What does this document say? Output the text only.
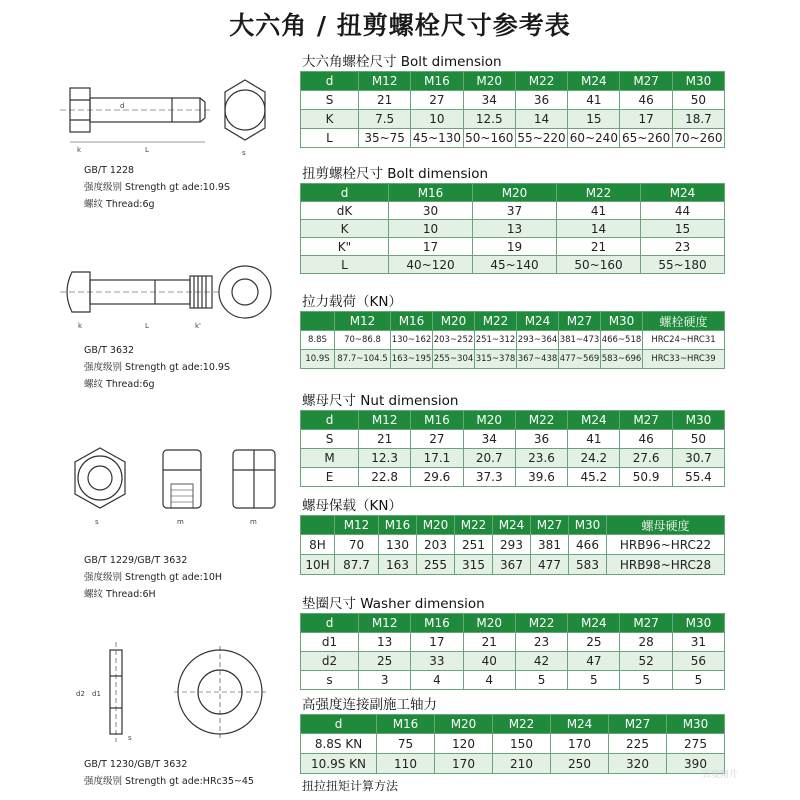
大六角 / 扭剪螺栓尺寸参考表
d
k	L	s
GB/T 1228
强度级别 Strength gt ade:10.9S
螺纹 Thread:6g
k	L	k'
GB/T 3632
强度级别 Strength gt ade:10.9S
螺纹 Thread:6g
s	m	m
GB/T 1229/GB/T 3632
强度级别 Strength gt ade:10H
螺纹 Thread:6H
d2 d1
s
GB/T 1230/GB/T 3632
强度级别 Strength gt ade:HRc35~45
大六角螺栓尺寸 Bolt dimension
d	M12	M16	M20	M22	M24	M27	M30
S	21	27	34	36	41	46	50
K	7.5	10	12.5	14	15	17	18.7
L	35~75	45~130	50~160	55~220	60~240	65~260	70~260
扭剪螺栓尺寸 Bolt dimension
d	M16	M20	M22	M24
dK	30	37	41	44
K	10	13	14	15
K"	17	19	21	23
L	40~120	45~140	50~160	55~180
拉力载荷（KN）
	M12	M16	M20	M22	M24	M27	M30	螺栓硬度
8.8S	70~86.8	130~162	203~252	251~312	293~364	381~473	466~518	HRC24~HRC31
10.9S	87.7~104.5	163~195	255~304	315~378	367~438	477~569	583~696	HRC33~HRC39
螺母尺寸 Nut dimension
d	M12	M16	M20	M22	M24	M27	M30
S	21	27	34	36	41	46	50
M	12.3	17.1	20.7	23.6	24.2	27.6	30.7
E	22.8	29.6	37.3	39.6	45.2	50.9	55.4
螺母保载（KN）
	M12	M16	M20	M22	M24	M27	M30	螺母硬度
8H	70	130	203	251	293	381	466	HRB96~HRC22
10H	87.7	163	255	315	367	477	583	HRB98~HRC28
垫圈尺寸 Washer dimension
d	M12	M16	M20	M22	M24	M27	M30
d1	13	17	21	23	25	28	31
d2	25	33	40	42	47	52	56
s	3	4	4	5	5	5	5
高强度连接副施工轴力
d	M16	M20	M22	M24	M27	M30
8.8S KN	75	120	150	170	225	275
10.9S KN	110	170	210	250	320	390
扭拉扭矩计算方法
百度图片
